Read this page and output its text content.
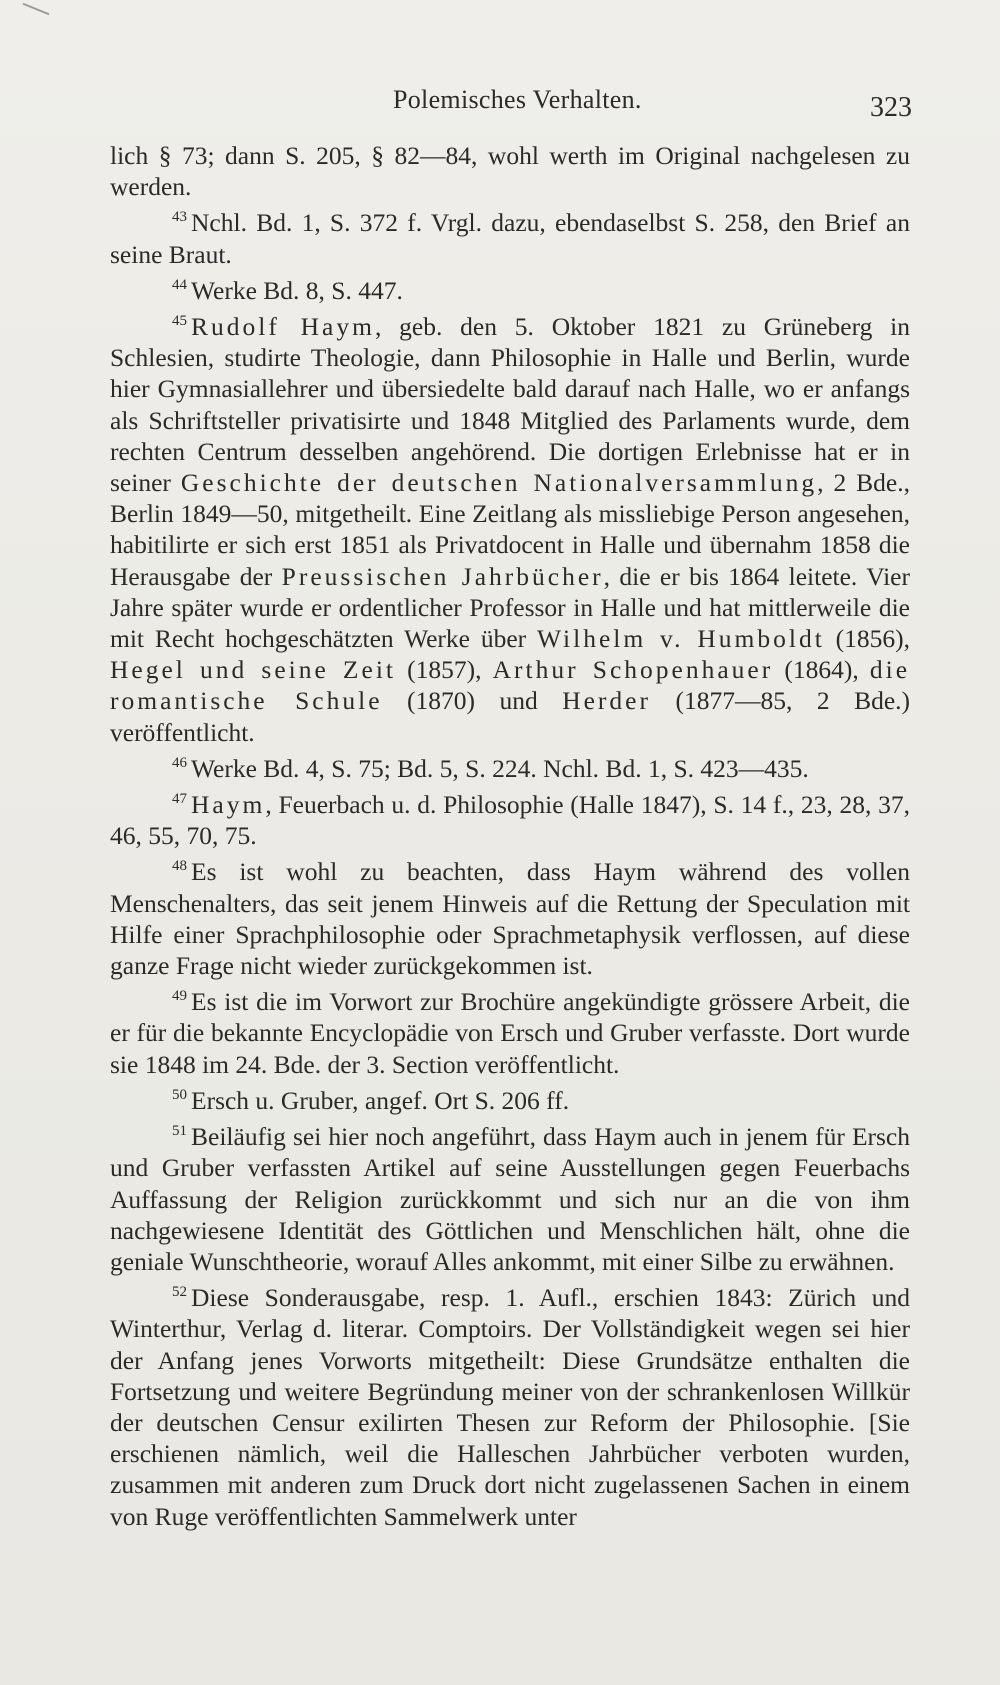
Polemisches Verhalten.	323

lich § 73; dann S. 205, § 82—84, wohl werth im Original nachgelesen zu werden.

$^{43}$ Nchl. Bd. 1, S. 372 f. Vrgl. dazu, ebendaselbst S. 258, den Brief an seine Braut.

$^{44}$ Werke Bd. 8, S. 447.

$^{45}$ Rudolf Haym, geb. den 5. Oktober 1821 zu Grüneberg in Schlesien, studirte Theologie, dann Philosophie in Halle und Berlin, wurde hier Gymnasiallehrer und übersiedelte bald darauf nach Halle, wo er anfangs als Schriftsteller privatisirte und 1848 Mitglied des Parlaments wurde, dem rechten Centrum desselben angehörend. Die dortigen Erlebnisse hat er in seiner Geschichte der deutschen Nationalversammlung, 2 Bde., Berlin 1849—50, mitgetheilt. Eine Zeitlang als missliebige Person angesehen, habitilirte er sich erst 1851 als Privatdocent in Halle und übernahm 1858 die Herausgabe der Preussischen Jahrbücher, die er bis 1864 leitete. Vier Jahre später wurde er ordentlicher Professor in Halle und hat mittlerweile die mit Recht hochgeschätzten Werke über Wilhelm v. Humboldt (1856), Hegel und seine Zeit (1857), Arthur Schopenhauer (1864), die romantische Schule (1870) und Herder (1877—85, 2 Bde.) veröffentlicht.

$^{46}$ Werke Bd. 4, S. 75; Bd. 5, S. 224. Nchl. Bd. 1, S. 423—435.

$^{47}$ Haym, Feuerbach u. d. Philosophie (Halle 1847), S. 14 f., 23, 28, 37, 46, 55, 70, 75.

$^{48}$ Es ist wohl zu beachten, dass Haym während des vollen Menschenalters, das seit jenem Hinweis auf die Rettung der Speculation mit Hilfe einer Sprachphilosophie oder Sprachmetaphysik verflossen, auf diese ganze Frage nicht wieder zurückgekommen ist.

$^{49}$ Es ist die im Vorwort zur Brochüre angekündigte grössere Arbeit, die er für die bekannte Encyclopädie von Ersch und Gruber verfasste. Dort wurde sie 1848 im 24. Bde. der 3. Section veröffentlicht.

$^{50}$ Ersch u. Gruber, angef. Ort S. 206 ff.

$^{51}$ Beiläufig sei hier noch angeführt, dass Haym auch in jenem für Ersch und Gruber verfassten Artikel auf seine Ausstellungen gegen Feuerbachs Auffassung der Religion zurückkommt und sich nur an die von ihm nachgewiesene Identität des Göttlichen und Menschlichen hält, ohne die geniale Wunschtheorie, worauf Alles ankommt, mit einer Silbe zu erwähnen.

$^{52}$ Diese Sonderausgabe, resp. 1. Aufl., erschien 1843: Zürich und Winterthur, Verlag d. literar. Comptoirs. Der Vollständigkeit wegen sei hier der Anfang jenes Vorworts mitgetheilt: Diese Grundsätze enthalten die Fortsetzung und weitere Begründung meiner von der schrankenlosen Willkür der deutschen Censur exilirten Thesen zur Reform der Philosophie. [Sie erschienen nämlich, weil die Halleschen Jahrbücher verboten wurden, zusammen mit anderen zum Druck dort nicht zugelassenen Sachen in einem von Ruge veröffentlichten Sammelwerk unter
